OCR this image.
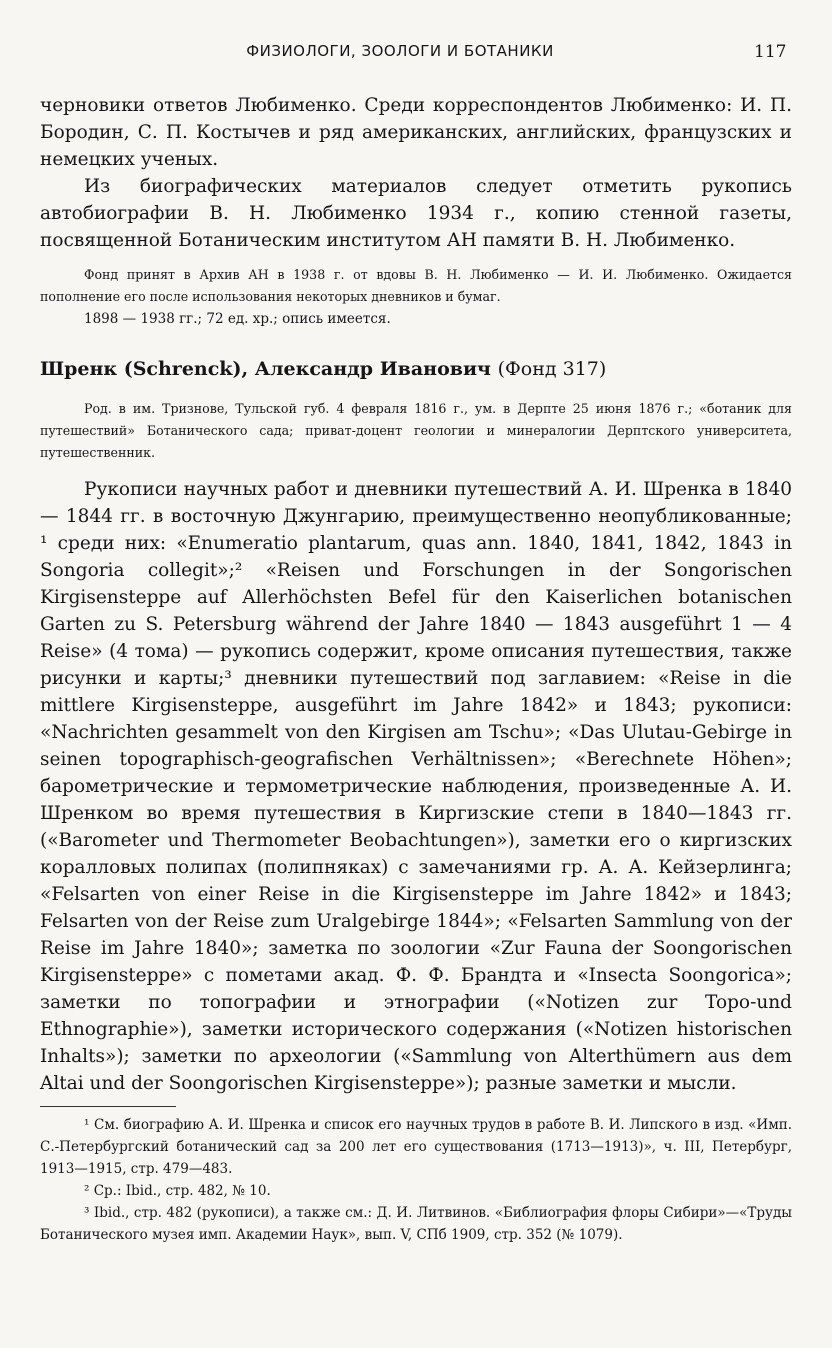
ФИЗИОЛОГИ, ЗООЛОГИ И БОТАНИКИ	117

черновики ответов Любименко. Среди корреспондентов Любименко: И. П. Бородин, С. П. Костычев и ряд американских, английских, французских и немецких ученых.

Из биографических материалов следует отметить рукопись автобиографии В. Н. Любименко 1934 г., копию стенной газеты, посвященной Ботаническим институтом АН памяти В. Н. Любименко.

Фонд принят в Архив АН в 1938 г. от вдовы В. Н. Любименко — И. И. Любименко. Ожидается пополнение его после использования некоторых дневников и бумаг.

1898 — 1938 гг.; 72 ед. хр.; опись имеется.

Шренк (Schrenck), Александр Иванович (Фонд 317)

Род. в им. Тризнове, Тульской губ. 4 февраля 1816 г., ум. в Дерпте 25 июня 1876 г.; «ботаник для путешествий» Ботанического сада; приват-доцент геологии и минералогии Дерптского университета, путешественник.

Рукописи научных работ и дневники путешествий А. И. Шренка в 1840 — 1844 гг. в восточную Джунгарию, преимущественно неопубликованные; ¹ среди них: «Enumeratio plantarum, quas ann. 1840, 1841, 1842, 1843 in Songoria collegit»;² «Reisen und Forschungen in der Songorischen Kirgisensteppe auf Allerhöchsten Befel für den Kaiserlichen botanischen Garten zu S. Petersburg während der Jahre 1840 — 1843 ausgeführt 1 — 4 Reise» (4 тома) — рукопись содержит, кроме описания путешествия, также рисунки и карты;³ дневники путешествий под заглавием: «Reise in die mittlere Kirgisensteppe, ausgeführt im Jahre 1842» и 1843; рукописи: «Nachrichten gesammelt von den Kirgisen am Tschu»; «Das Ulutau-Gebirge in seinen topographisch-geografischen Verhältnissen»; «Berechnete Höhen»; барометрические и термометрические наблюдения, произведенные А. И. Шренком во время путешествия в Киргизские степи в 1840—1843 гг. («Barometer und Thermometer Beobachtungen»), заметки его о киргизских коралловых полипах (полипняках) с замечаниями гр. А. А. Кейзерлинга; «Felsarten von einer Reise in die Kirgisensteppe im Jahre 1842» и 1843; Felsarten von der Reise zum Uralgebirge 1844»; «Felsarten Sammlung von der Reise im Jahre 1840»; заметка по зоологии «Zur Fauna der Soongorischen Kirgisensteppe» с пометами акад. Ф. Ф. Брандта и «Insecta Soongorica»; заметки по топографии и этнографии («Notizen zur Topo-und Ethnographie»), заметки исторического содержания («Notizen historischen Inhalts»); заметки по археологии («Sammlung von Alterthümern aus dem Altai und der Soongorischen Kirgisensteppe»); разные заметки и мысли.

¹ См. биографию А. И. Шренка и список его научных трудов в работе В. И. Липского в изд. «Имп. С.-Петербургский ботанический сад за 200 лет его существования (1713—1913)», ч. III, Петербург, 1913—1915, стр. 479—483.

² Ср.: Ibid., стр. 482, № 10.

³ Ibid., стр. 482 (рукописи), а также см.: Д. И. Литвинов. «Библиография флоры Сибири»—«Труды Ботанического музея имп. Академии Наук», вып. V, СПб 1909, стр. 352 (№ 1079).
